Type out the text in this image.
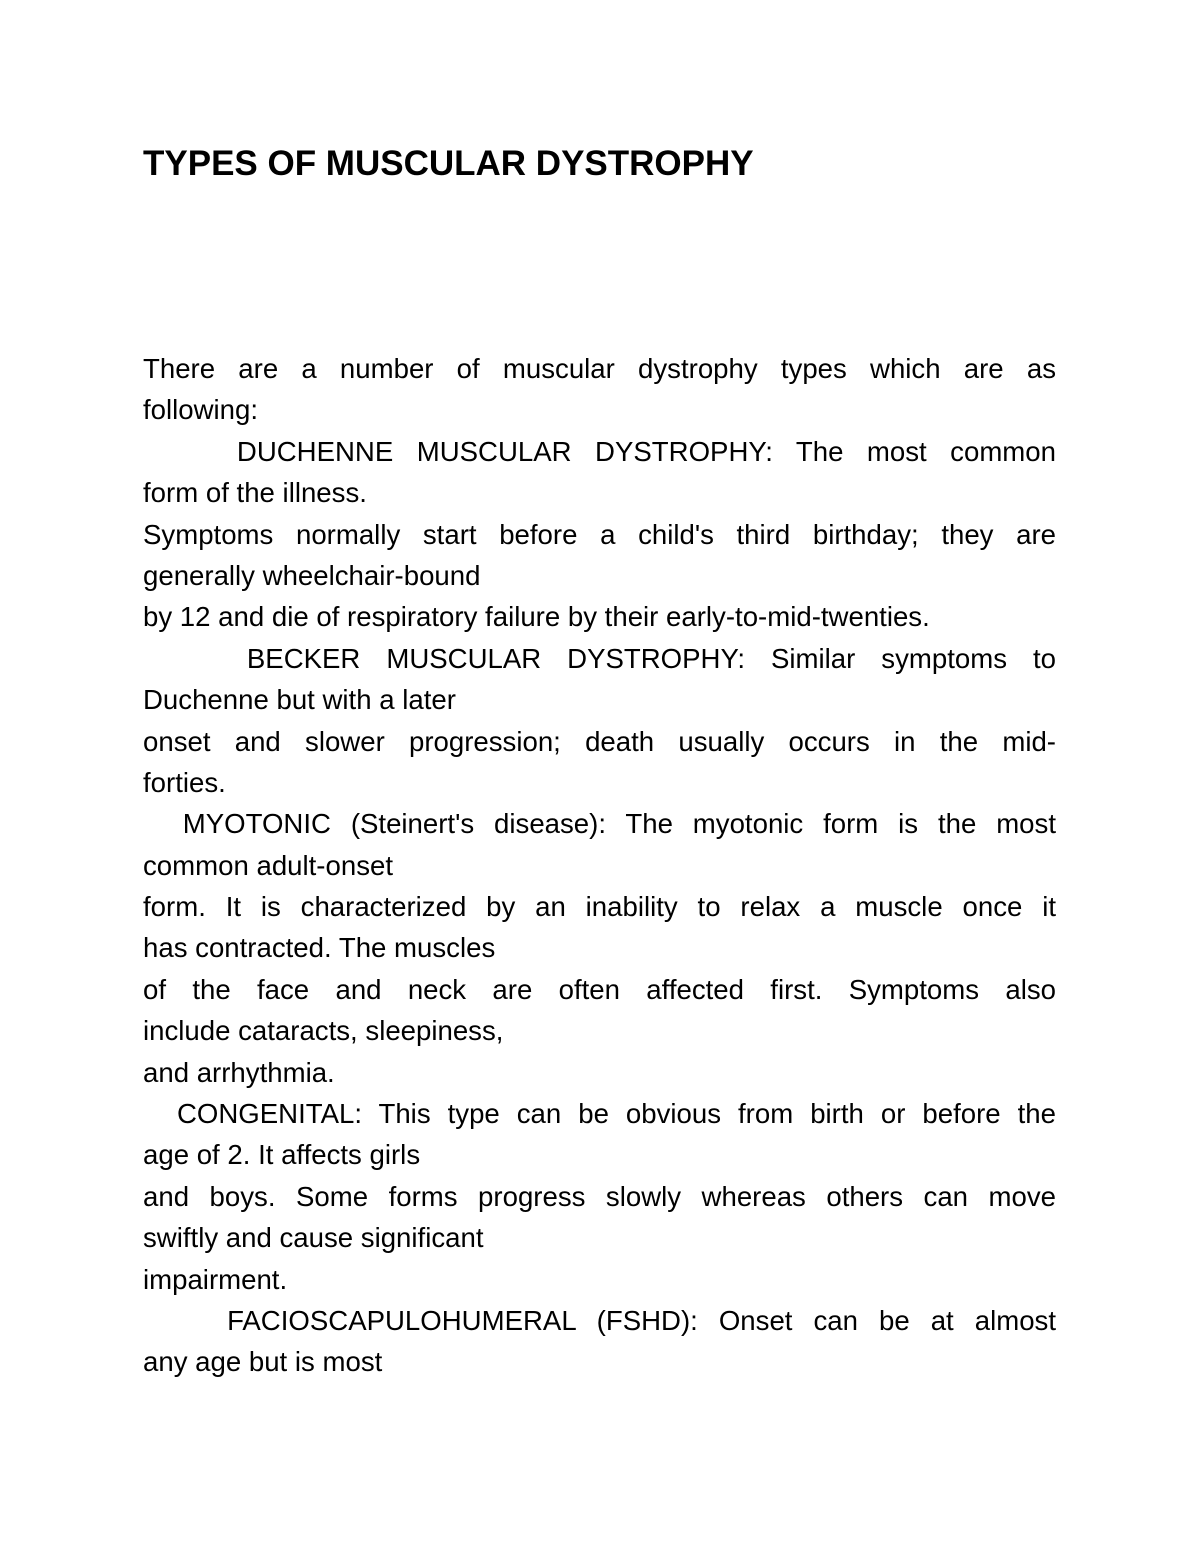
TYPES OF MUSCULAR DYSTROPHY
There are a number of muscular dystrophy types which are as
following:
DUCHENNE MUSCULAR DYSTROPHY: The most common
form of the illness.
Symptoms normally start before a child's third birthday; they are
generally wheelchair-bound
by 12 and die of respiratory failure by their early-to-mid-twenties.
BECKER MUSCULAR DYSTROPHY: Similar symptoms to
Duchenne but with a later
onset and slower progression; death usually occurs in the mid-
forties.
MYOTONIC (Steinert's disease): The myotonic form is the most
common adult-onset
form. It is characterized by an inability to relax a muscle once it
has contracted. The muscles
of the face and neck are often affected first. Symptoms also
include cataracts, sleepiness,
and arrhythmia.
CONGENITAL: This type can be obvious from birth or before the
age of 2. It affects girls
and boys. Some forms progress slowly whereas others can move
swiftly and cause significant
impairment.
FACIOSCAPULOHUMERAL (FSHD): Onset can be at almost
any age but is most
